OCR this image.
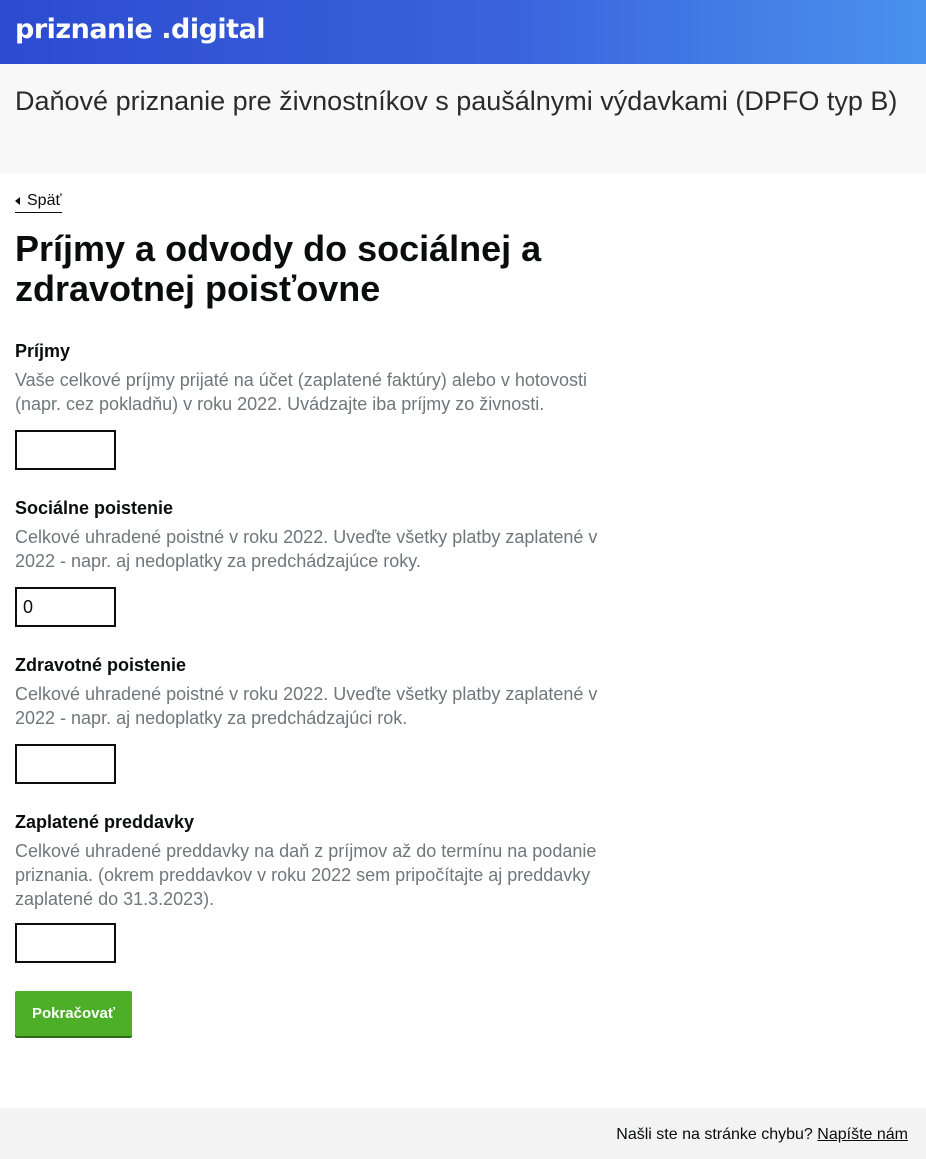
priznanie .digital
Daňové priznanie pre živnostníkov s paušálnymi výdavkami (DPFO typ B)
Späť
Príjmy a odvody do sociálnej a zdravotnej poisťovne
Príjmy
Vaše celkové príjmy prijaté na účet (zaplatené faktúry) alebo v hotovosti (napr. cez pokladňu) v roku 2022. Uvádzajte iba príjmy zo živnosti.
Sociálne poistenie
Celkové uhradené poistné v roku 2022. Uveďte všetky platby zaplatené v 2022 - napr. aj nedoplatky za predchádzajúce roky.
0
Zdravotné poistenie
Celkové uhradené poistné v roku 2022. Uveďte všetky platby zaplatené v 2022 - napr. aj nedoplatky za predchádzajúci rok.
Zaplatené preddavky
Celkové uhradené preddavky na daň z príjmov až do termínu na podanie priznania. (okrem preddavkov v roku 2022 sem pripočítajte aj preddavky zaplatené do 31.3.2023).
Pokračovať
Našli ste na stránke chybu? Napíšte nám
